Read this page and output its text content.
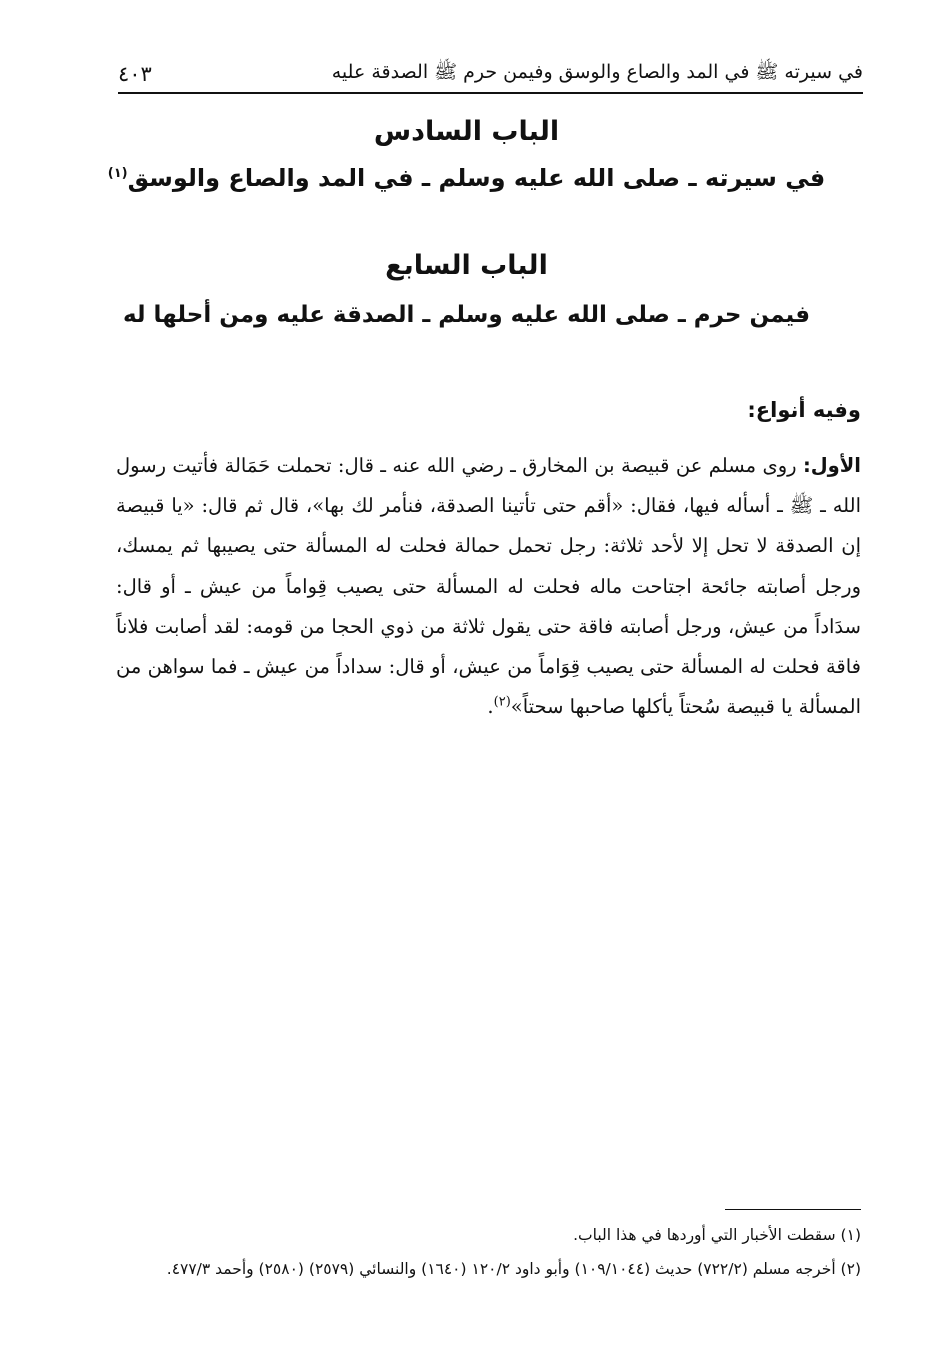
في سيرته ﷺ في المد والصاع والوسق وفيمن حرم ﷺ الصدقة عليه
٤٠٣
الباب السادس
في سيرته ـ صلى الله عليه وسلم ـ في المد والصاع والوسق$^{(١)}$
الباب السابع
فيمن حرم ـ صلى الله عليه وسلم ـ الصدقة عليه ومن أحلها له
وفيه أنواع:
الأول: روى مسلم عن قبيصة بن المخارق ـ رضي الله عنه ـ قال: تحملت حَمَالة فأتيت رسول الله ـ ﷺ ـ أسأله فيها، فقال: «أقم حتى تأتينا الصدقة، فنأمر لك بها»، قال ثم قال: «يا قبيصة إن الصدقة لا تحل إلا لأحد ثلاثة: رجل تحمل حمالة فحلت له المسألة حتى يصيبها ثم يمسك، ورجل أصابته جائحة اجتاحت ماله فحلت له المسألة حتى يصيب قِواماً من عيش ـ أو قال: سدَاداً من عيش، ورجل أصابته فاقة حتى يقول ثلاثة من ذوي الحجا من قومه: لقد أصابت فلاناً فاقة فحلت له المسألة حتى يصيب قِوَاماً من عيش، أو قال: سداداً من عيش ـ فما سواهن من المسألة يا قبيصة سُحتاً يأكلها صاحبها سحتاً»$^{(٢)}$.

(١) سقطت الأخبار التي أوردها في هذا الباب.

(٢) أخرجه مسلم (٧٢٢/٢) حديث (١٠٩/١٠٤٤) وأبو داود ١٢٠/٢ (١٦٤٠) والنسائي (٢٥٧٩) (٢٥٨٠) وأحمد ٤٧٧/٣.
